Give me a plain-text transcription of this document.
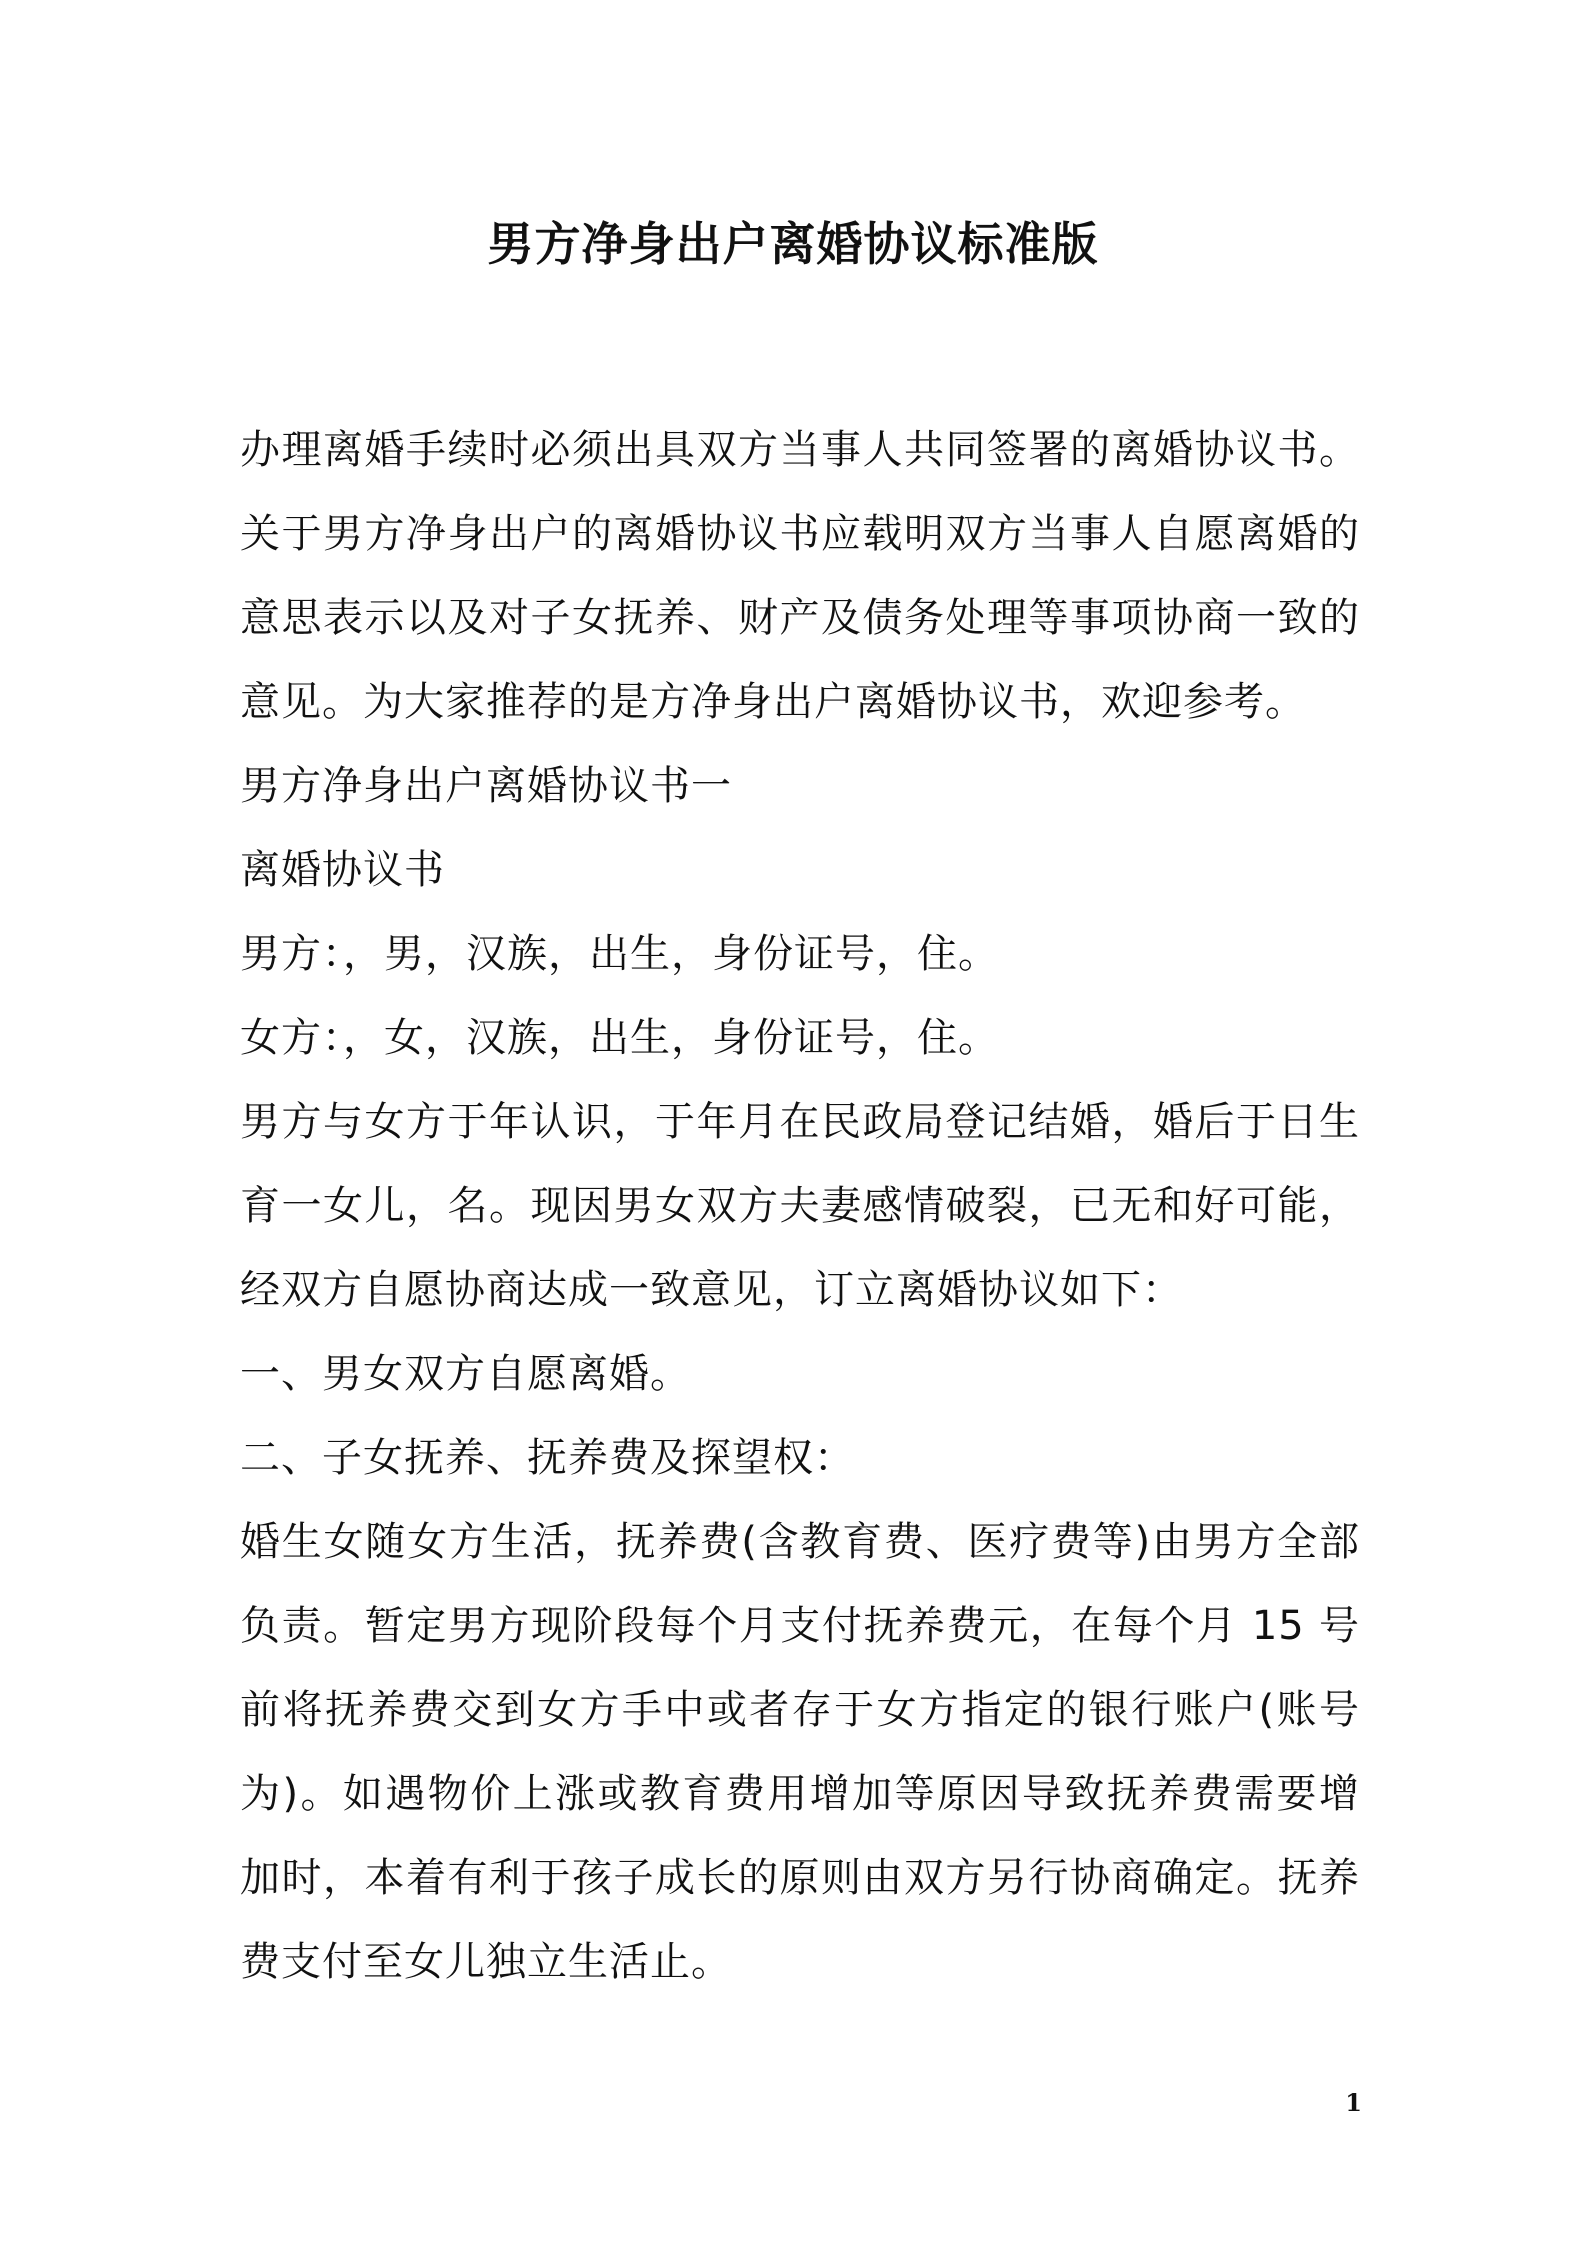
男方净身出户离婚协议标准版

办理离婚手续时必须出具双方当事人共同签署的离婚协议书。关于男方净身出户的离婚协议书应载明双方当事人自愿离婚的意思表示以及对子女抚养、财产及债务处理等事项协商一致的意见。为大家推荐的是方净身出户离婚协议书，欢迎参考。

男方净身出户离婚协议书一

离婚协议书

男方：，男，汉族，出生，身份证号，住。

女方：，女，汉族，出生，身份证号，住。

男方与女方于年认识，于年月在民政局登记结婚，婚后于日生育一女儿，名。现因男女双方夫妻感情破裂，已无和好可能，经双方自愿协商达成一致意见，订立离婚协议如下：

一、男女双方自愿离婚。

二、子女抚养、抚养费及探望权：

婚生女随女方生活，抚养费(含教育费、医疗费等)由男方全部负责。暂定男方现阶段每个月支付抚养费元，在每个月 15 号前将抚养费交到女方手中或者存于女方指定的银行账户(账号为)。如遇物价上涨或教育费用增加等原因导致抚养费需要增加时，本着有利于孩子成长的原则由双方另行协商确定。抚养费支付至女儿独立生活止。

1
